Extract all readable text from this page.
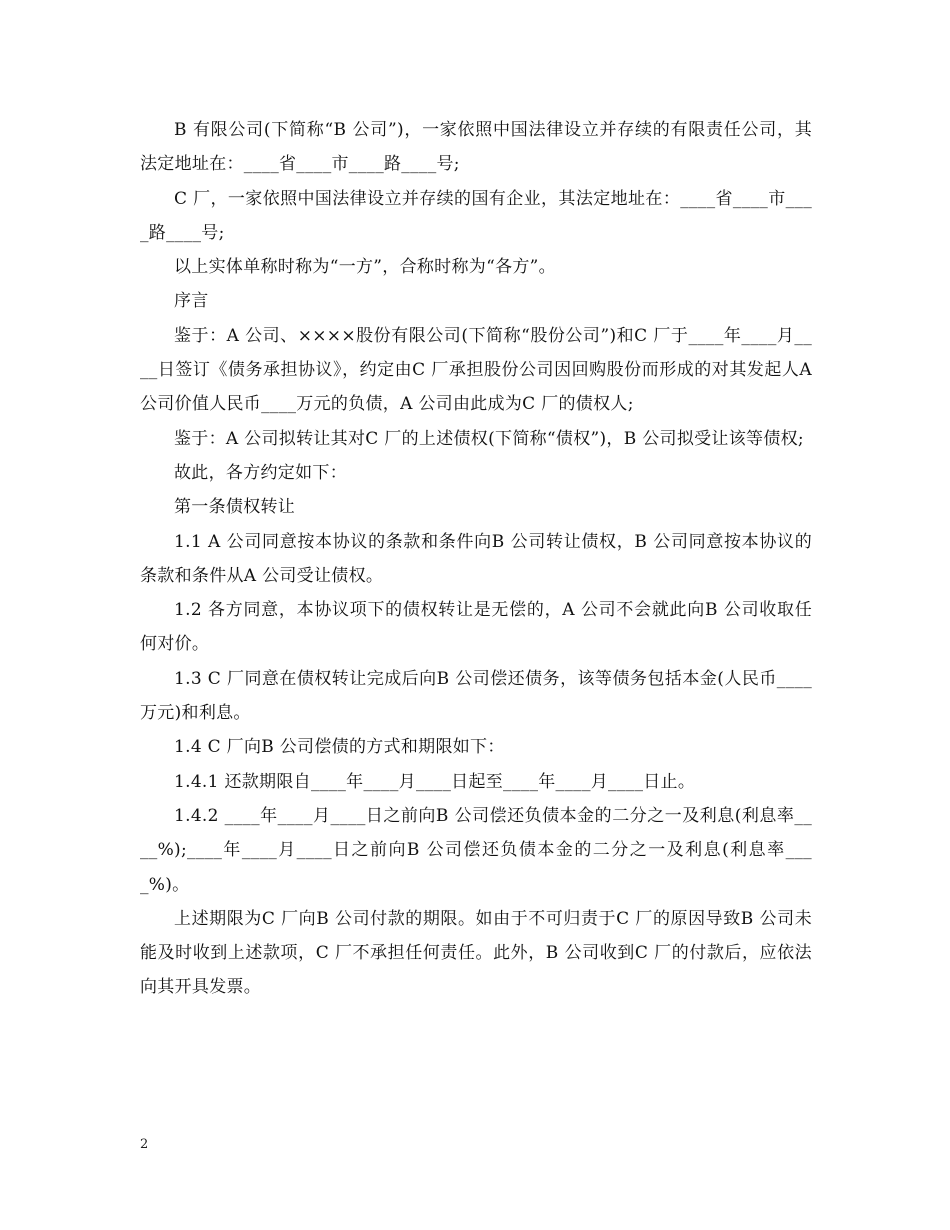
B 有限公司(下简称“B 公司”)，一家依照中国法律设立并存续的有限责任公司，其法定地址在：____省____市____路____号;

C 厂，一家依照中国法律设立并存续的国有企业，其法定地址在：____省____市____路____号;

以上实体单称时称为“一方”，合称时称为“各方”。

序言

鉴于：A 公司、××××股份有限公司(下简称“股份公司”)和C 厂于____年____月____日签订《债务承担协议》，约定由C 厂承担股份公司因回购股份而形成的对其发起人A 公司价值人民币____万元的负债，A 公司由此成为C 厂的债权人;

鉴于：A 公司拟转让其对C 厂的上述债权(下简称“债权”)，B 公司拟受让该等债权;

故此，各方约定如下：

第一条债权转让

1.1 A 公司同意按本协议的条款和条件向B 公司转让债权，B 公司同意按本协议的条款和条件从A 公司受让债权。

1.2 各方同意，本协议项下的债权转让是无偿的，A 公司不会就此向B 公司收取任何对价。

1.3 C 厂同意在债权转让完成后向B 公司偿还债务，该等债务包括本金(人民币____万元)和利息。

1.4 C 厂向B 公司偿债的方式和期限如下：

1.4.1 还款期限自____年____月____日起至____年____月____日止。

1.4.2 ____年____月____日之前向B 公司偿还负债本金的二分之一及利息(利息率____%);____年____月____日之前向B 公司偿还负债本金的二分之一及利息(利息率____%)。

上述期限为C 厂向B 公司付款的期限。如由于不可归责于C 厂的原因导致B 公司未能及时收到上述款项，C 厂不承担任何责任。此外，B 公司收到C 厂的付款后，应依法向其开具发票。

2
